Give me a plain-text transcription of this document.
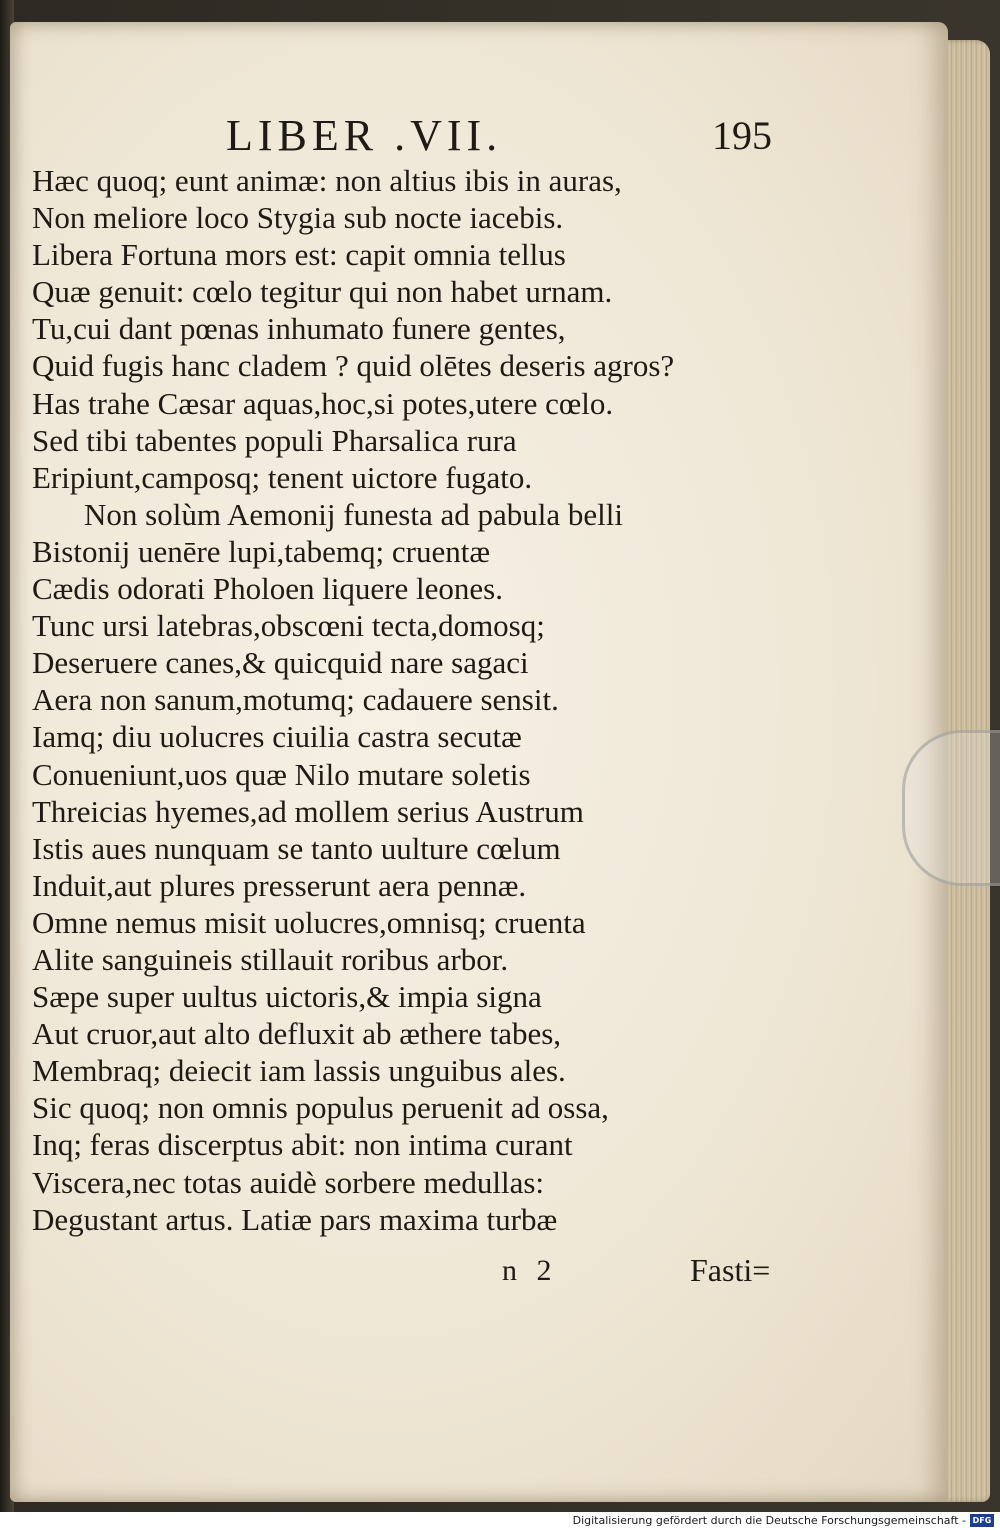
LIBER .VII.	195
Hæc quoq; eunt animæ: non altius ibis in auras,
Non meliore loco Stygia sub nocte iacebis.
Libera Fortuna mors est: capit omnia tellus
Quæ genuit: cœlo tegitur qui non habet urnam.
Tu,cui dant pœnas inhumato funere gentes,
Quid fugis hanc cladem ? quid olētes deseris agros?
Has trahe Cæsar aquas,hoc,si potes,utere cœlo.
Sed tibi tabentes populi Pharsalica rura
Eripiunt,camposq; tenent uictore fugato.
Non solùm Aemonij funesta ad pabula belli
Bistonij uenēre lupi,tabemq; cruentæ
Cædis odorati Pholoen liquere leones.
Tunc ursi latebras,obscœni tecta,domosq;
Deseruere canes,& quicquid nare sagaci
Aera non sanum,motumq; cadauere sensit.
Iamq; diu uolucres ciuilia castra secutæ
Conueniunt,uos quæ Nilo mutare soletis
Threicias hyemes,ad mollem serius Austrum
Istis aues nunquam se tanto uulture cœlum
Induit,aut plures presserunt aera pennæ.
Omne nemus misit uolucres,omnisq; cruenta
Alite sanguineis stillauit roribus arbor.
Sæpe super uultus uictoris,& impia signa
Aut cruor,aut alto defluxit ab æthere tabes,
Membraq; deiecit iam lassis unguibus ales.
Sic quoq; non omnis populus peruenit ad ossa,
Inq; feras discerptus abit: non intima curant
Viscera,nec totas auidè sorbere medullas:
Degustant artus. Latiæ pars maxima turbæ
n 2	Fasti=
Digitalisierung gefördert durch die Deutsche Forschungsgemeinschaft - DFG
